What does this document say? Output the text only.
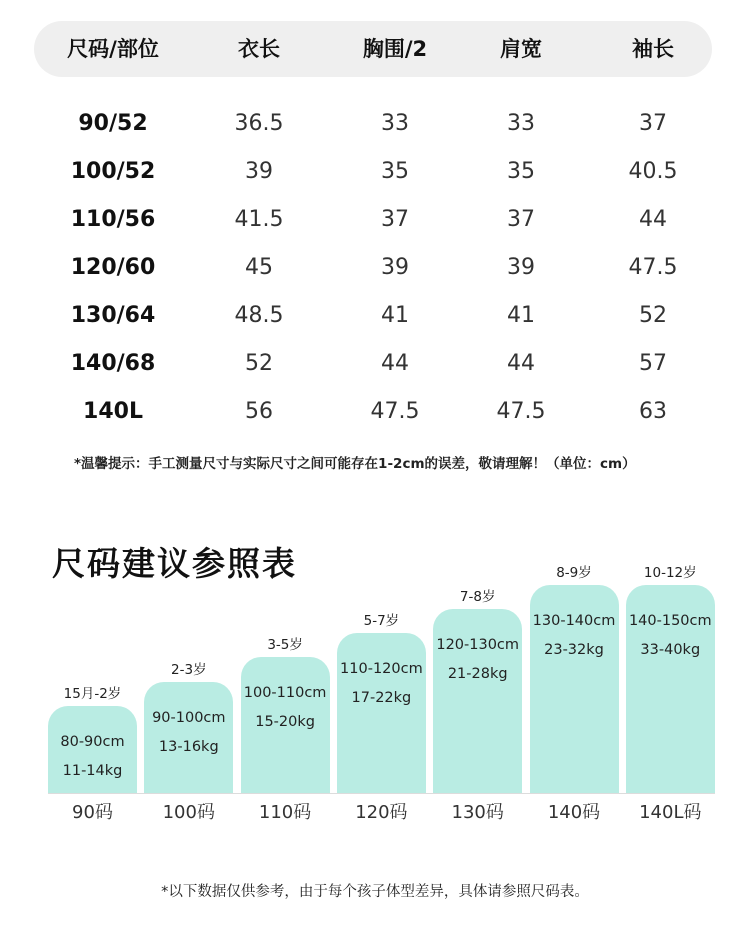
尺码/部位	衣长	胸围/2	肩宽	袖长
90/52	36.5	33	33	37
100/52	39	35	35	40.5
110/56	41.5	37	37	44
120/60	45	39	39	47.5
130/64	48.5	41	41	52
140/68	52	44	44	57
140L	56	47.5	47.5	63
*温馨提示：手工测量尺寸与实际尺寸之间可能存在1-2cm的误差，敬请理解！（单位：cm）
尺码建议参照表
15月-2岁
80-90cm
11-14kg
90码
2-3岁
90-100cm
13-16kg
100码
3-5岁
100-110cm
15-20kg
110码
5-7岁
110-120cm
17-22kg
120码
7-8岁
120-130cm
21-28kg
130码
8-9岁
130-140cm
23-32kg
140码
10-12岁
140-150cm
33-40kg
140L码
*以下数据仅供参考，由于每个孩子体型差异，具体请参照尺码表。
